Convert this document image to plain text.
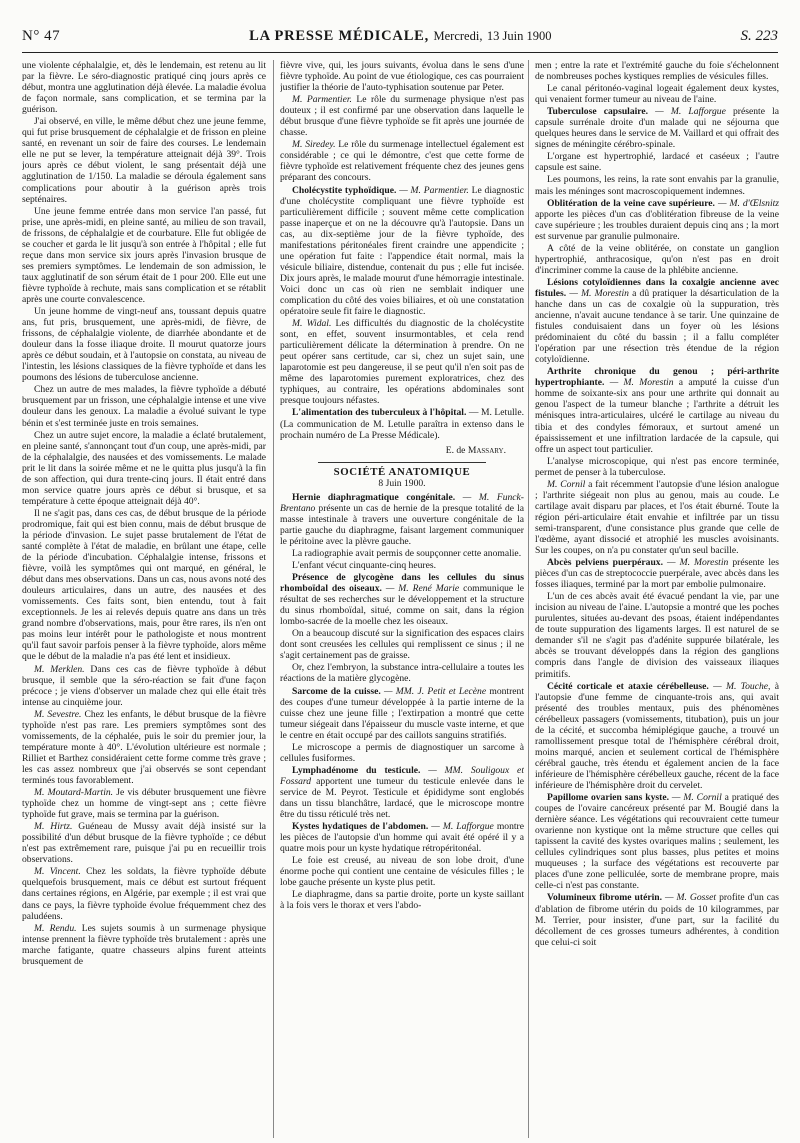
N° 47	LA PRESSE MÉDICALE, Mercredi, 13 Juin 1900	S. 223

une violente céphalalgie, et, dès le lendemain, est retenu au lit par la fièvre. Le séro-diagnostic pratiqué cinq jours après ce début, montra une agglutination déjà élevée. La maladie évolua de façon normale, sans complication, et se termina par la guérison.

J'ai observé, en ville, le même début chez une jeune femme, qui fut prise brusquement de céphalalgie et de frisson en pleine santé, en revenant un soir de faire des courses. Le lendemain elle ne put se lever, la température atteignait déjà 39°. Trois jours après ce début violent, le sang présentait déjà une agglutination de 1/150. La maladie se déroula également sans complications pour aboutir à la guérison après trois septénaires.

Une jeune femme entrée dans mon service l'an passé, fut prise, une après-midi, en pleine santé, au milieu de son travail, de frissons, de céphalalgie et de courbature. Elle fut obligée de se coucher et garda le lit jusqu'à son entrée à l'hôpital ; elle fut reçue dans mon service six jours après l'invasion brusque de ses premiers symptômes. Le lendemain de son admission, le taux agglutinatif de son sérum était de 1 pour 200. Elle eut une fièvre typhoïde à rechute, mais sans complication et se rétablit après une courte convalescence.

Un jeune homme de vingt-neuf ans, toussant depuis quatre ans, fut pris, brusquement, une après-midi, de fièvre, de frissons, de céphalalgie violente, de diarrhée abondante et de douleur dans la fosse iliaque droite. Il mourut quatorze jours après ce début soudain, et à l'autopsie on constata, au niveau de l'intestin, les lésions classiques de la fièvre typhoïde et dans les poumons des lésions de tuberculose ancienne.

Chez un autre de mes malades, la fièvre typhoïde a débuté brusquement par un frisson, une céphalalgie intense et une vive douleur dans les genoux. La maladie a évolué suivant le type bénin et s'est terminée juste en trois semaines.

Chez un autre sujet encore, la maladie a éclaté brutalement, en pleine santé, s'annonçant tout d'un coup, une après-midi, par de la céphalalgie, des nausées et des vomissements. Le malade prit le lit dans la soirée même et ne le quitta plus jusqu'à la fin de son affection, qui dura trente-cinq jours. Il était entré dans mon service quatre jours après ce début si brusque, et sa température à cette époque atteignait déjà 40°.

Il ne s'agit pas, dans ces cas, de début brusque de la période prodromique, fait qui est bien connu, mais de début brusque de la période d'invasion. Le sujet passe brutalement de l'état de santé complète à l'état de maladie, en brûlant une étape, celle de la période d'incubation. Céphalalgie intense, frissons et fièvre, voilà les symptômes qui ont marqué, en général, le début dans mes observations. Dans un cas, nous avons noté des douleurs articulaires, dans un autre, des nausées et des vomissements. Ces faits sont, bien entendu, tout à fait exceptionnels. Je les ai relevés depuis quatre ans dans un très grand nombre d'observations, mais, pour être rares, ils n'en ont pas moins leur intérêt pour le pathologiste et nous montrent qu'il faut savoir parfois penser à la fièvre typhoïde, alors même que le début de la maladie n'a pas été lent et insidieux.

M. Merklen. Dans ces cas de fièvre typhoïde à début brusque, il semble que la séro-réaction se fait d'une façon précoce ; je viens d'observer un malade chez qui elle était très intense au cinquième jour.

M. Sevestre. Chez les enfants, le début brusque de la fièvre typhoïde n'est pas rare. Les premiers symptômes sont des vomissements, de la céphalée, puis le soir du premier jour, la température monte à 40°. L'évolution ultérieure est normale ; Rilliet et Barthez considéraient cette forme comme très grave ; les cas assez nombreux que j'ai observés se sont cependant terminés tous favorablement.

M. Moutard-Martin. Je vis débuter brusquement une fièvre typhoïde chez un homme de vingt-sept ans ; cette fièvre typhoïde fut grave, mais se termina par la guérison.

M. Hirtz. Guéneau de Mussy avait déjà insisté sur la possibilité d'un début brusque de la fièvre typhoïde ; ce début n'est pas extrêmement rare, puisque j'ai pu en recueillir trois observations.

M. Vincent. Chez les soldats, la fièvre typhoïde débute quelquefois brusquement, mais ce début est surtout fréquent dans certaines régions, en Algérie, par exemple ; il est vrai que dans ce pays, la fièvre typhoïde évolue fréquemment chez des paludéens.

M. Rendu. Les sujets soumis à un surmenage physique intense prennent la fièvre typhoïde très brutalement : après une marche fatigante, quatre chasseurs alpins furent atteints brusquement de

fièvre vive, qui, les jours suivants, évolua dans le sens d'une fièvre typhoïde. Au point de vue étiologique, ces cas pourraient justifier la théorie de l'auto-typhisation soutenue par Peter.

M. Parmentier. Le rôle du surmenage physique n'est pas douteux ; il est confirmé par une observation dans laquelle le début brusque d'une fièvre typhoïde se fit après une journée de chasse.

M. Siredey. Le rôle du surmenage intellectuel également est considérable ; ce qui le démontre, c'est que cette forme de fièvre typhoïde est relativement fréquente chez des jeunes gens préparant des concours.

Cholécystite typhoïdique. — M. Parmentier. Le diagnostic d'une cholécystite compliquant une fièvre typhoïde est particulièrement difficile ; souvent même cette complication passe inaperçue et on ne la découvre qu'à l'autopsie. Dans un cas, au dix-septième jour de la fièvre typhoïde, des manifestations péritonéales firent craindre une appendicite ; une opération fut faite : l'appendice était normal, mais la vésicule biliaire, distendue, contenait du pus ; elle fut incisée. Dix jours après, le malade mourut d'une hémorragie intestinale. Voici donc un cas où rien ne semblait indiquer une complication du côté des voies biliaires, et où une constatation opératoire seule fit faire le diagnostic.

M. Widal. Les difficultés du diagnostic de la cholécystite sont, en effet, souvent insurmontables, et cela rend particulièrement délicate la détermination à prendre. On ne peut opérer sans certitude, car si, chez un sujet sain, une laparotomie est peu dangereuse, il se peut qu'il n'en soit pas de même des laparotomies purement exploratrices, chez des typhiques, au contraire, les opérations abdominales sont presque toujours néfastes.

L'alimentation des tuberculeux à l'hôpital. — M. Letulle. (La communication de M. Letulle paraîtra in extenso dans le prochain numéro de La Presse Médicale).

E. de Massary.
SOCIÉTÉ ANATOMIQUE
8 Juin 1900.

Hernie diaphragmatique congénitale. — M. Funck-Brentano présente un cas de hernie de la presque totalité de la masse intestinale à travers une ouverture congénitale de la partie gauche du diaphragme, faisant largement communiquer le péritoine avec la plèvre gauche.

La radiographie avait permis de soupçonner cette anomalie.

L'enfant vécut cinquante-cinq heures.

Présence de glycogène dans les cellules du sinus rhomboïdal des oiseaux. — M. René Marie communique le résultat de ses recherches sur le développement et la structure du sinus rhomboïdal, situé, comme on sait, dans la région lombo-sacrée de la moelle chez les oiseaux.

On a beaucoup discuté sur la signification des espaces clairs dont sont creusées les cellules qui remplissent ce sinus ; il ne s'agit certainement pas de graisse.

Or, chez l'embryon, la substance intra-cellulaire a toutes les réactions de la matière glycogène.

Sarcome de la cuisse. — MM. J. Petit et Lecène montrent des coupes d'une tumeur développée à la partie interne de la cuisse chez une jeune fille ; l'extirpation a montré que cette tumeur siégeait dans l'épaisseur du muscle vaste interne, et que le centre en était occupé par des caillots sanguins stratifiés.

Le microscope a permis de diagnostiquer un sarcome à cellules fusiformes.

Lymphadénome du testicule. — MM. Souligoux et Fossard apportent une tumeur du testicule enlevée dans le service de M. Peyrot. Testicule et épididyme sont englobés dans un tissu blanchâtre, lardacé, que le microscope montre être du tissu réticulé très net.

Kystes hydatiques de l'abdomen. — M. Lafforgue montre les pièces de l'autopsie d'un homme qui avait été opéré il y a quatre mois pour un kyste hydatique rétropéritonéal.

Le foie est creusé, au niveau de son lobe droit, d'une énorme poche qui contient une centaine de vésicules filles ; le lobe gauche présente un kyste plus petit.

Le diaphragme, dans sa partie droite, porte un kyste saillant à la fois vers le thorax et vers l'abdo-

men ; entre la rate et l'extrémité gauche du foie s'échelonnent de nombreuses poches kystiques remplies de vésicules filles.

Le canal péritonéo-vaginal logeait également deux kystes, qui venaient former tumeur au niveau de l'aine.

Tuberculose capsulaire. — M. Lafforgue présente la capsule surrénale droite d'un malade qui ne séjourna que quelques heures dans le service de M. Vaillard et qui offrait des signes de méningite cérébro-spinale.

L'organe est hypertrophié, lardacé et caséeux ; l'autre capsule est saine.

Les poumons, les reins, la rate sont envahis par la granulie, mais les méninges sont macroscopiquement indemnes.

Oblitération de la veine cave supérieure. — M. d'Œlsnitz apporte les pièces d'un cas d'oblitération fibreuse de la veine cave supérieure ; les troubles duraient depuis cinq ans ; la mort est survenue par granulie pulmonaire.

A côté de la veine oblitérée, on constate un ganglion hypertrophié, anthracosique, qu'on n'est pas en droit d'incriminer comme la cause de la phlébite ancienne.

Lésions cotyloïdiennes dans la coxalgie ancienne avec fistules. — M. Morestin a dû pratiquer la désarticulation de la hanche dans un cas de coxalgie où la suppuration, très ancienne, n'avait aucune tendance à se tarir. Une quinzaine de fistules conduisaient dans un foyer où les lésions prédominaient du côté du bassin ; il a fallu compléter l'opération par une résection très étendue de la région cotyloïdienne.

Arthrite chronique du genou ; péri-arthrite hypertrophiante. — M. Morestin a amputé la cuisse d'un homme de soixante-six ans pour une arthrite qui donnait au genou l'aspect de la tumeur blanche ; l'arthrite a détruit les ménisques intra-articulaires, ulcéré le cartilage au niveau du tibia et des condyles fémoraux, et surtout amené un épaississement et une infiltration lardacée de la capsule, qui offre un aspect tout particulier.

L'analyse microscopique, qui n'est pas encore terminée, permet de penser à la tuberculose.

M. Cornil a fait récemment l'autopsie d'une lésion analogue ; l'arthrite siégeait non plus au genou, mais au coude. Le cartilage avait disparu par places, et l'os était éburné. Toute la région péri-articulaire était envahie et infiltrée par un tissu semi-transparent, d'une consistance plus grande que celle de l'œdème, ayant dissocié et atrophié les muscles avoisinants. Sur les coupes, on n'a pu constater qu'un seul bacille.

Abcès pelviens puerpéraux. — M. Morestin présente les pièces d'un cas de streptococcie puerpérale, avec abcès dans les fosses iliaques, terminé par la mort par embolie pulmonaire.

L'un de ces abcès avait été évacué pendant la vie, par une incision au niveau de l'aine. L'autopsie a montré que les poches purulentes, situées au-devant des psoas, étaient indépendantes de toute suppuration des ligaments larges. Il est naturel de se demander s'il ne s'agit pas d'adénite suppurée bilatérale, les abcès se trouvant développés dans la région des ganglions compris dans l'angle de division des vaisseaux iliaques primitifs.

Cécité corticale et ataxie cérébelleuse. — M. Touche, à l'autopsie d'une femme de cinquante-trois ans, qui avait présenté des troubles mentaux, puis des phénomènes cérébelleux passagers (vomissements, titubation), puis un jour de la cécité, et succomba hémiplégique gauche, a trouvé un ramollissement presque total de l'hémisphère cérébral droit, moins marqué, ancien et seulement cortical de l'hémisphère cérébral gauche, très étendu et également ancien de la face inférieure de l'hémisphère cérébelleux gauche, récent de la face inférieure de l'hémisphère droit du cervelet.

Papillome ovarien sans kyste. — M. Cornil a pratiqué des coupes de l'ovaire cancéreux présenté par M. Bougié dans la dernière séance. Les végétations qui recouvraient cette tumeur ovarienne non kystique ont la même structure que celles qui tapissent la cavité des kystes ovariques malins ; seulement, les cellules cylindriques sont plus basses, plus petites et moins muqueuses ; la surface des végétations est recouverte par places d'une zone pelliculée, sorte de membrane propre, mais celle-ci n'est pas constante.

Volumineux fibrome utérin. — M. Gosset profite d'un cas d'ablation de fibrome utérin du poids de 10 kilogrammes, par M. Terrier, pour insister, d'une part, sur la facilité du décollement de ces grosses tumeurs adhérentes, à condition que celui-ci soit
